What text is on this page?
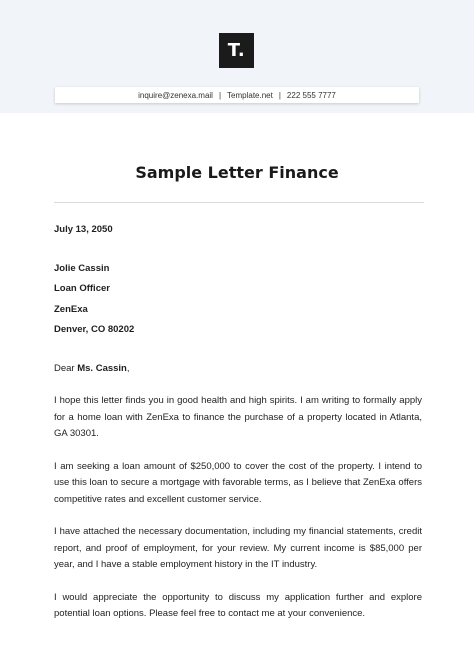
T.
inquire@zenexa.mail | Template.net | 222 555 7777
Sample Letter Finance

July 13, 2050

Jolie Cassin

Loan Officer

ZenExa

Denver, CO 80202

Dear Ms. Cassin,

I hope this letter finds you in good health and high spirits. I am writing to formally apply for a home loan with ZenExa to finance the purchase of a property located in Atlanta, GA 30301.

I am seeking a loan amount of $250,000 to cover the cost of the property. I intend to use this loan to secure a mortgage with favorable terms, as I believe that ZenExa offers competitive rates and excellent customer service.

I have attached the necessary documentation, including my financial statements, credit report, and proof of employment, for your review. My current income is $85,000 per year, and I have a stable employment history in the IT industry.

I would appreciate the opportunity to discuss my application further and explore potential loan options. Please feel free to contact me at your convenience.
